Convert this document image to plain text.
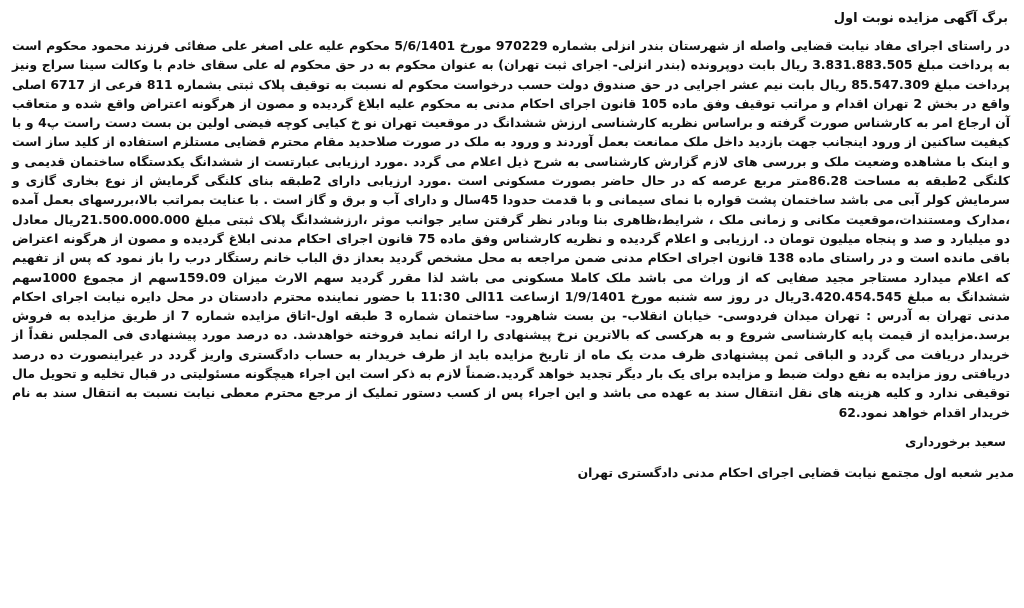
برگ آگهی مزایده نوبت اول

در راستای اجرای مفاد نیابت قضایی واصله از شهرستان بندر انزلی بشماره 970229 مورخ 5/6/1401 محکوم علیه علی اصغر علی صفائی فرزند محمود محکوم است به پرداخت مبلغ 3.831.883.505 ریال بابت دوپرونده (بندر انزلی- اجرای ثبت تهران) به عنوان محکوم به در حق محکوم له علی سقای خادم با وکالت سینا سراج ونیز پرداخت مبلغ 85.547.309 ریال بابت نیم عشر اجرایی در حق صندوق دولت حسب درخواست محکوم له نسبت به توقیف پلاک ثبتی بشماره 811 فرعی از 6717 اصلی واقع در بخش 2 تهران اقدام و مراتب توقیف وفق ماده 105 قانون اجرای احکام مدنی به محکوم علیه ابلاغ گردیده و مصون از هرگونه اعتراض واقع شده و متعاقب آن ارجاع امر به کارشناس صورت گرفته و براساس نظریه کارشناسی ارزش ششدانگ در موقعیت تهران نو خ کیایی کوچه فیضی اولین بن بست دست راست پ4 و با کیفیت ساکنین از ورود اینجانب جهت بازدید داخل ملک ممانعت بعمل آوردند و ورود به ملک در صورت صلاحدید مقام محترم قضایی مستلزم استفاده از کلید ساز است و اینک با مشاهده وضعیت ملک و بررسی های لازم گزارش کارشناسی به شرح ذیل اعلام می گردد .مورد ارزیابی عبارتست از ششدانگ یکدستگاه ساختمان قدیمی و کلنگی 2طبقه به مساحت 86.28متر مربع عرصه که در حال حاضر بصورت مسکونی است .مورد ارزیابی دارای 2طبقه بنای کلنگی گرمایش از نوع بخاری گازی و سرمایش کولر آبی می باشد ساختمان پشت قواره با نمای سیمانی و با قدمت حدودا 45سال و دارای آب و برق و گاز است . با عنایت بمراتب بالا،بررسهای بعمل آمده ،مدارک ومستندات،موقعیت مکانی و زمانی ملک ، شرایط،ظاهری بنا وبادر نظر گرفتن سایر جوانب موثر ،ارزششدانگ پلاک ثبتی مبلغ 21.500.000.000ریال معادل دو میلیارد و صد و پنجاه میلیون تومان د. ارزیابی و اعلام گردیده و نظریه کارشناس وفق ماده 75 قانون اجرای احکام مدنی ابلاغ گردیده و مصون از هرگونه اعتراض باقی مانده است و در راستای ماده 138 قانون اجرای احکام مدنی ضمن مراجعه به محل مشخص گردید بعداز دق الباب خانم رستگار درب را باز نمود که پس از تفهیم که اعلام میدارد مستاجر مجید صفایی که از وراث می باشد ملک کاملا مسکونی می باشد لذا مقرر گردید سهم الارث میزان 159.09سهم از مجموع 1000سهم ششدانگ به مبلغ 3.420.454.545ریال در روز سه شنبه مورخ 1/9/1401 ازساعت 11الی 11:30 با حضور نماینده محترم دادستان در محل دایره نیابت اجرای احکام مدنی تهران به آدرس : تهران میدان فردوسی- خیابان انقلاب- بن بست شاهرود- ساختمان شماره 3 طبقه اول-اتاق مزایده شماره 7 از طریق مزایده به فروش برسد.مزایده از قیمت پایه کارشناسی شروع و به هرکسی که بالاترین نرخ پیشنهادی را ارائه نماید فروخته خواهدشد. ده درصد مورد پیشنهادی فی المجلس نقداً از خریدار دریافت می گردد و الباقی ثمن پیشنهادی ظرف مدت یک ماه از تاریخ مزایده باید از طرف خریدار به حساب دادگستری واریز گردد در غیراینصورت ده درصد دریافتی روز مزایده به نفع دولت ضبط و مزایده برای یک بار دیگر تجدید خواهد گردید.ضمناً لازم به ذکر است این اجراء هیچگونه مسئولیتی در قبال تخلیه و تحویل مال توقیفی ندارد و کلیه هزینه های نقل انتقال سند به عهده می باشد و این اجراء پس از کسب دستور تملیک از مرجع محترم معطی نیابت نسبت به انتقال سند به نام خریدار اقدام خواهد نمود.62

سعید برخورداری

مدیر شعبه اول مجتمع نیابت قضایی اجرای احکام مدنی دادگستری تهران
